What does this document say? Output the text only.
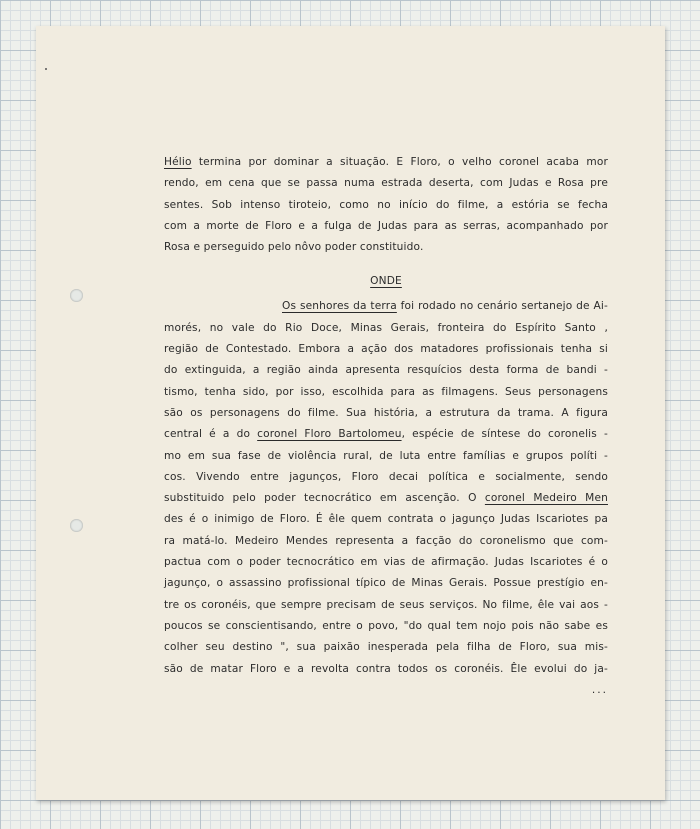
Hélio termina por dominar a situação. E Floro, o velho coronel acaba mor
rendo, em cena que se passa numa estrada deserta, com Judas e Rosa pre
sentes. Sob intenso tiroteio, como no início do filme, a estória se fecha
com a morte de Floro e a fulga de Judas para as serras, acompanhado por
Rosa e perseguido pelo nôvo poder constituido.
ONDE
Os senhores da terra foi rodado no cenário sertanejo de Ai-
morés, no vale do Rio Doce, Minas Gerais, fronteira do Espírito Santo ,
região de Contestado. Embora a ação dos matadores profissionais tenha si
do extinguida, a região ainda apresenta resquícios desta forma de bandi -
tismo, tenha sido, por isso, escolhida para as filmagens. Seus personagens
são os personagens do filme. Sua história, a estrutura da trama. A figura
central é a do coronel Floro Bartolomeu, espécie de síntese do coronelis -
mo em sua fase de violência rural, de luta entre famílias e grupos políti -
cos. Vivendo entre jagunços, Floro decai política e socialmente, sendo
substituido pelo poder tecnocrático em ascenção. O coronel Medeiro Men
des é o inimigo de Floro. É êle quem contrata o jagunço Judas Iscariotes pa
ra matá-lo. Medeiro Mendes representa a facção do coronelismo que com-
pactua com o poder tecnocrático em vias de afirmação. Judas Iscariotes é o
jagunço, o assassino profissional típico de Minas Gerais. Possue prestígio en-
tre os coronéis, que sempre precisam de seus serviços. No filme, êle vai aos -
poucos se conscientisando, entre o povo, "do qual tem nojo pois não sabe es
colher seu destino ", sua paixão inesperada pela filha de Floro, sua mis-
são de matar Floro e a revolta contra todos os coronéis. Êle evolui do ja-
...
